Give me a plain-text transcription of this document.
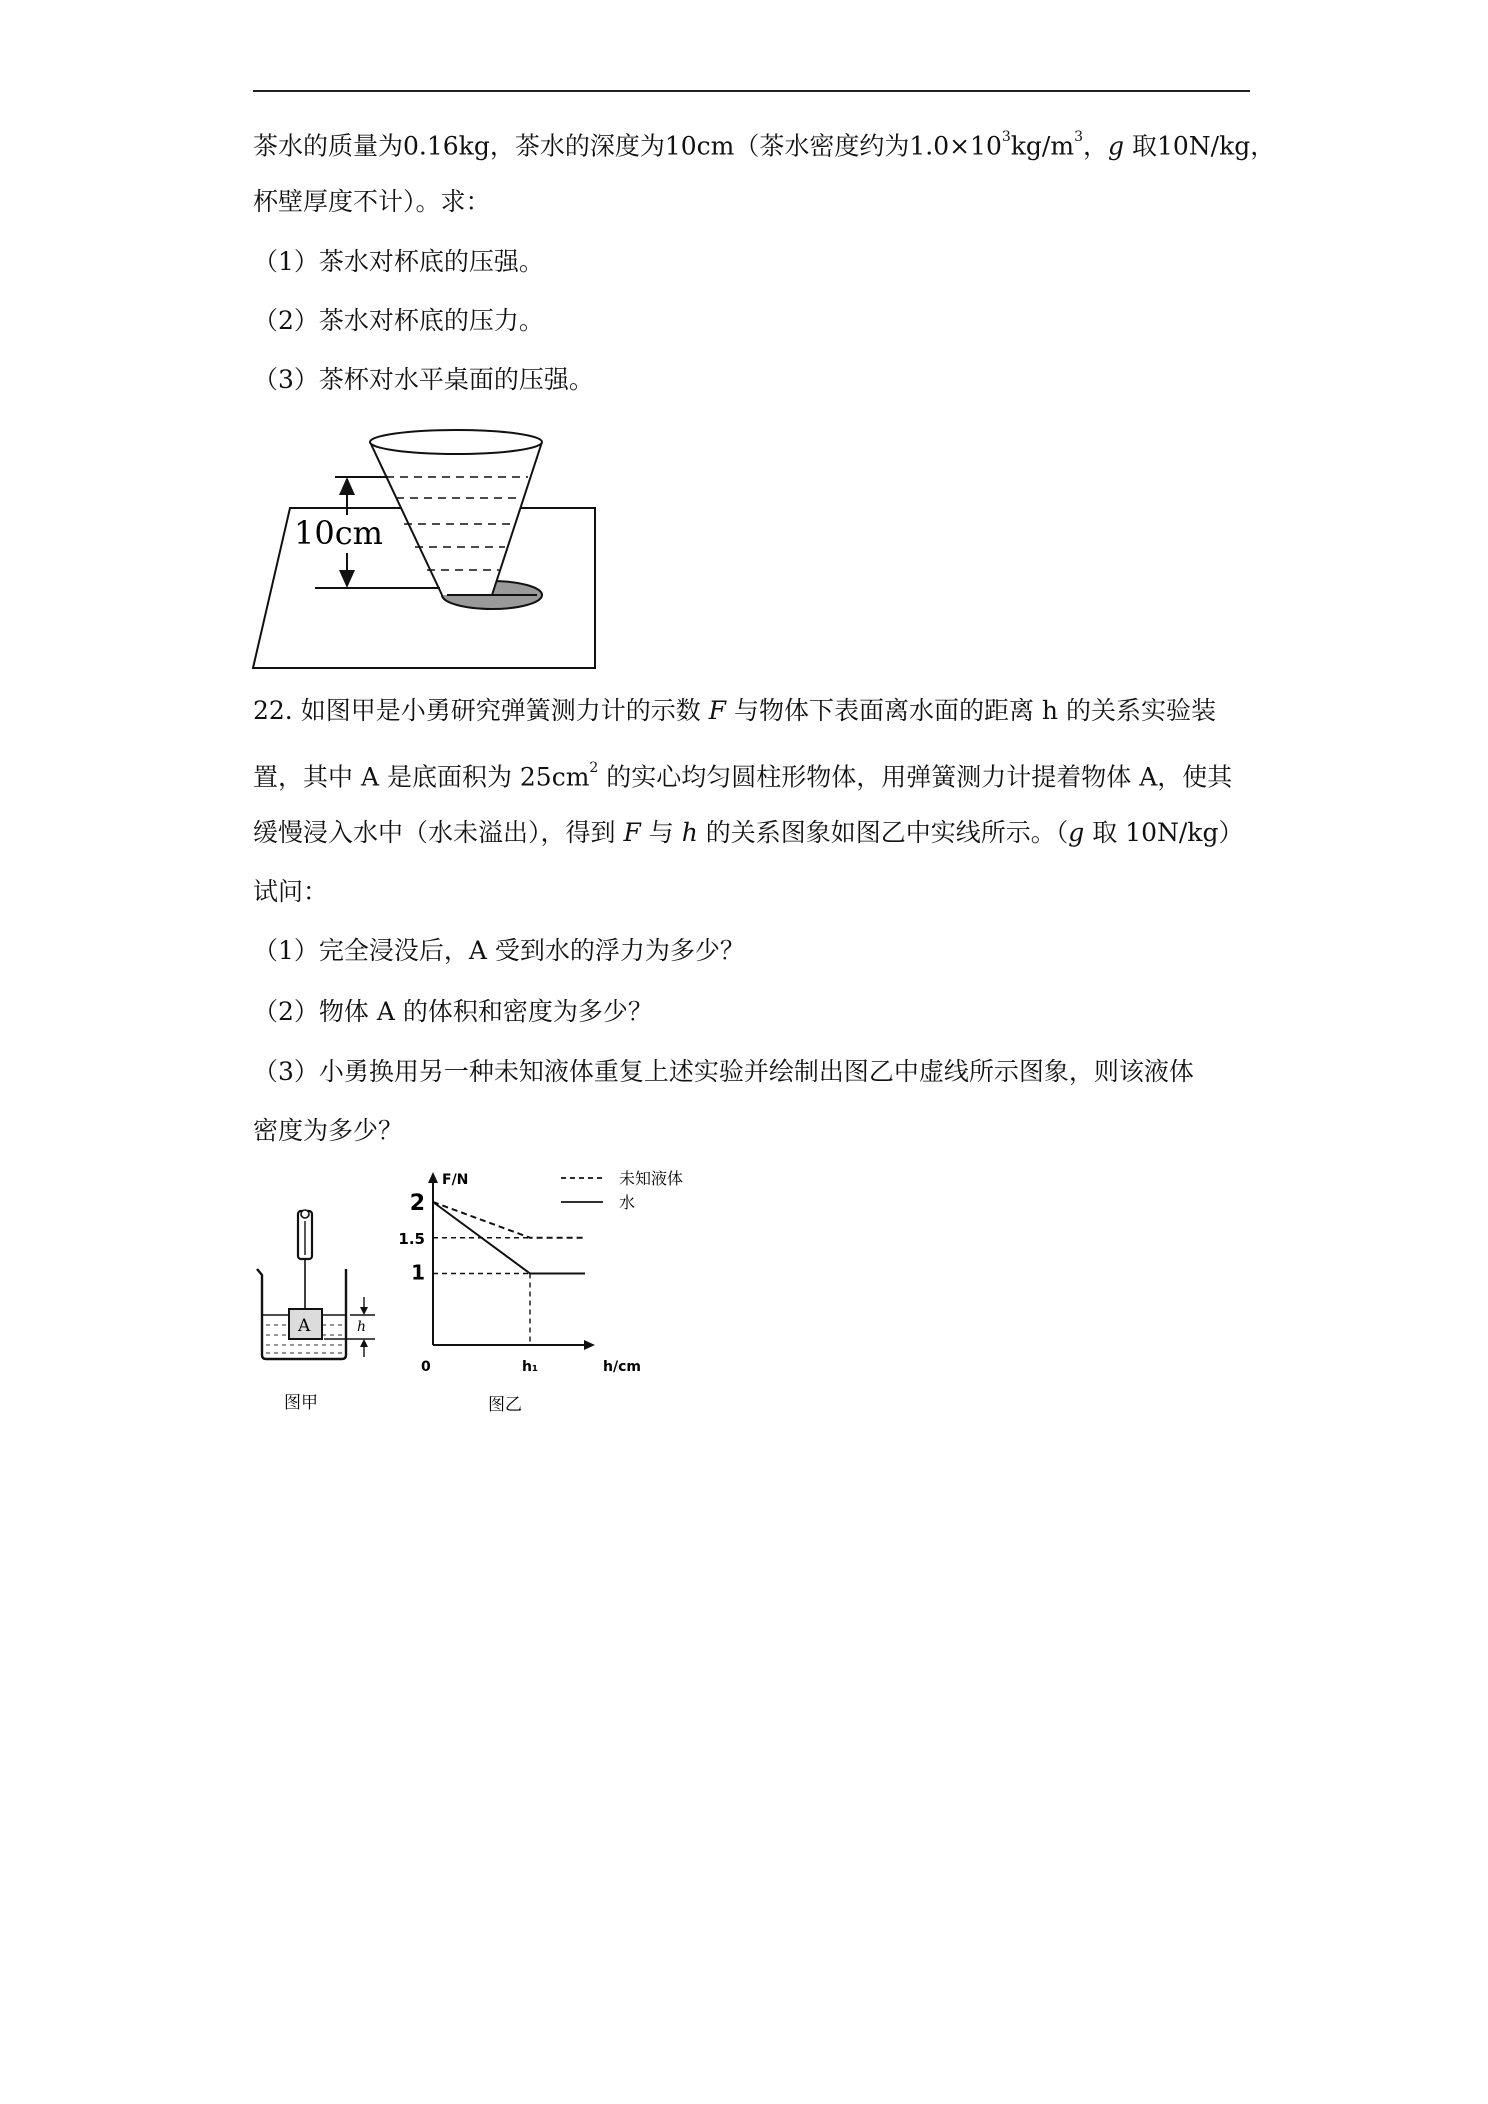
茶水的质量为0.16kg，茶水的深度为10cm（茶水密度约为$1.0\times 10^3kg/m^3$，g 取10N/kg，
杯壁厚度不计）。求：
（1）茶水对杯底的压强。
（2）茶水对杯底的压力。
（3）茶杯对水平桌面的压强。
10cm
22. 如图甲是小勇研究弹簧测力计的示数 F 与物体下表面离水面的距离 h 的关系实验装
置，其中 A 是底面积为 $25cm^2$ 的实心均匀圆柱形物体，用弹簧测力计提着物体 A，使其
缓慢浸入水中（水未溢出），得到 F 与 h 的关系图象如图乙中实线所示。（g 取 10N/kg）
试问：
（1）完全浸没后，A 受到水的浮力为多少？
（2）物体 A 的体积和密度为多少？
（3）小勇换用另一种未知液体重复上述实验并绘制出图乙中虚线所示图象，则该液体
密度为多少？
A	h
图甲
1
1.5
2
0	h₁
F/N
h/cm
未知液体
水
图乙
